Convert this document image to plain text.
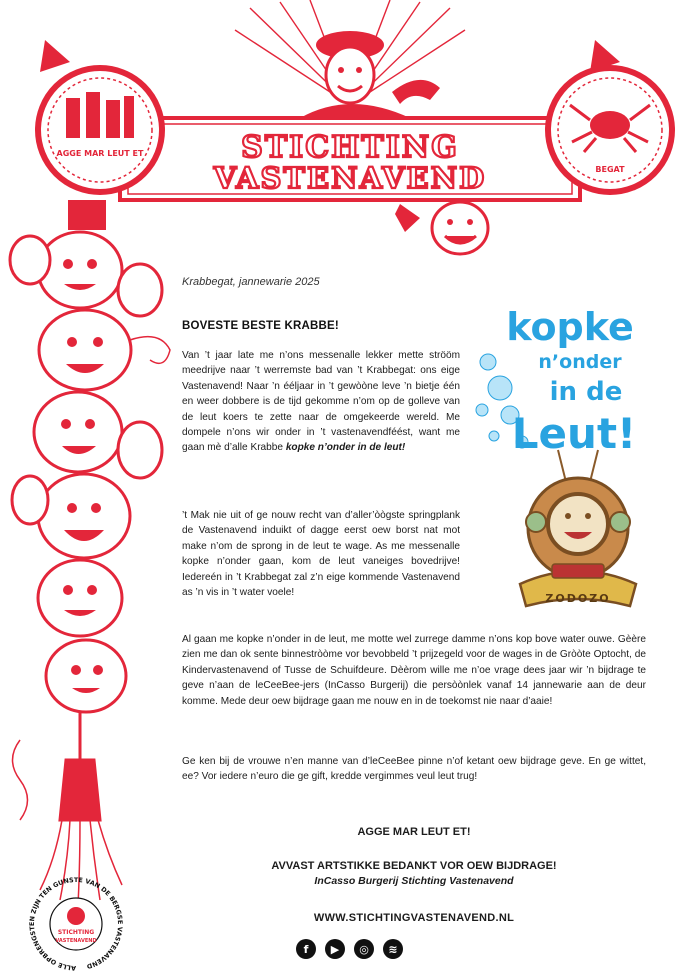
STICHTING
VASTENAVEND
AGGE MAR LEUT ET
BEGAT
Krabbegat, jannewarie 2025
BOVESTE BESTE KRABBE!

Van ’t jaar late me n’ons messenalle lekker mette strööm meedrijve naar ’t werremste bad van ’t Krabbegat: ons eige Vastenavend! Naar ’n ééljaar in ’t gewòòne leve ’n bietje één en weer dobbere is de tijd gekomme n’om op de golleve van de leut koers te zette naar de omgekeerde wereld. Me dompele n’ons wir onder in ’t vastenavendféést, want me gaan mè d’alle Krabbe kopke n’onder in de leut!

’t Mak nie uit of ge nouw recht van d’aller’òògste springplank de Vastenavend induikt of dagge eerst oew borst nat mot make n’om de sprong in de leut te wage. As me messenalle kopke n’onder gaan, kom de leut vaneiges bovedrijve! Iedereén in ’t Krabbegat zal z’n eige kommende Vastenavend as ’n vis in ’t water voele!

Al gaan me kopke n’onder in de leut, me motte wel zurrege damme n’ons kop bove water ouwe. Gèère zien me dan ok sente binnestròòme vor bevobbeld ’t prijzegeld voor de wages in de Gròòte Optocht, de Kindervastenavend of Tusse de Schuifdeure. Dèèrom wille me n’oe vrage dees jaar wir ’n bijdrage te geve n’aan de leCeeBee-jers (InCasso Burgerij) die persòònlek vanaf 14 jannewarie aan de deur komme. Mede deur oew bijdrage gaan me nouw en in de toekomst nie naar d’aaie!

Ge ken bij de vrouwe n’en manne van d’leCeeBee pinne n’of ketant oew bijdrage geve. En ge wittet, ee? Vor iedere n’euro die ge gift, kredde vergimmes veul leut trug!

AGGE MAR LEUT ET!
AVVAST ARTSTIKKE BEDANKT VOR OEW BIJDRAGE!
InCasso Burgerij Stichting Vastenavend
WWW.STICHTINGVASTENAVEND.NL
f	▶	◎	≋
kopke
n’onder
in de
Leut!
ZODOZO
ALLE OPBRENGSTEN ZIJN TEN GUNSTE VAN DE BERGSE VASTENAVEND
STICHTING
VASTENAVEND
